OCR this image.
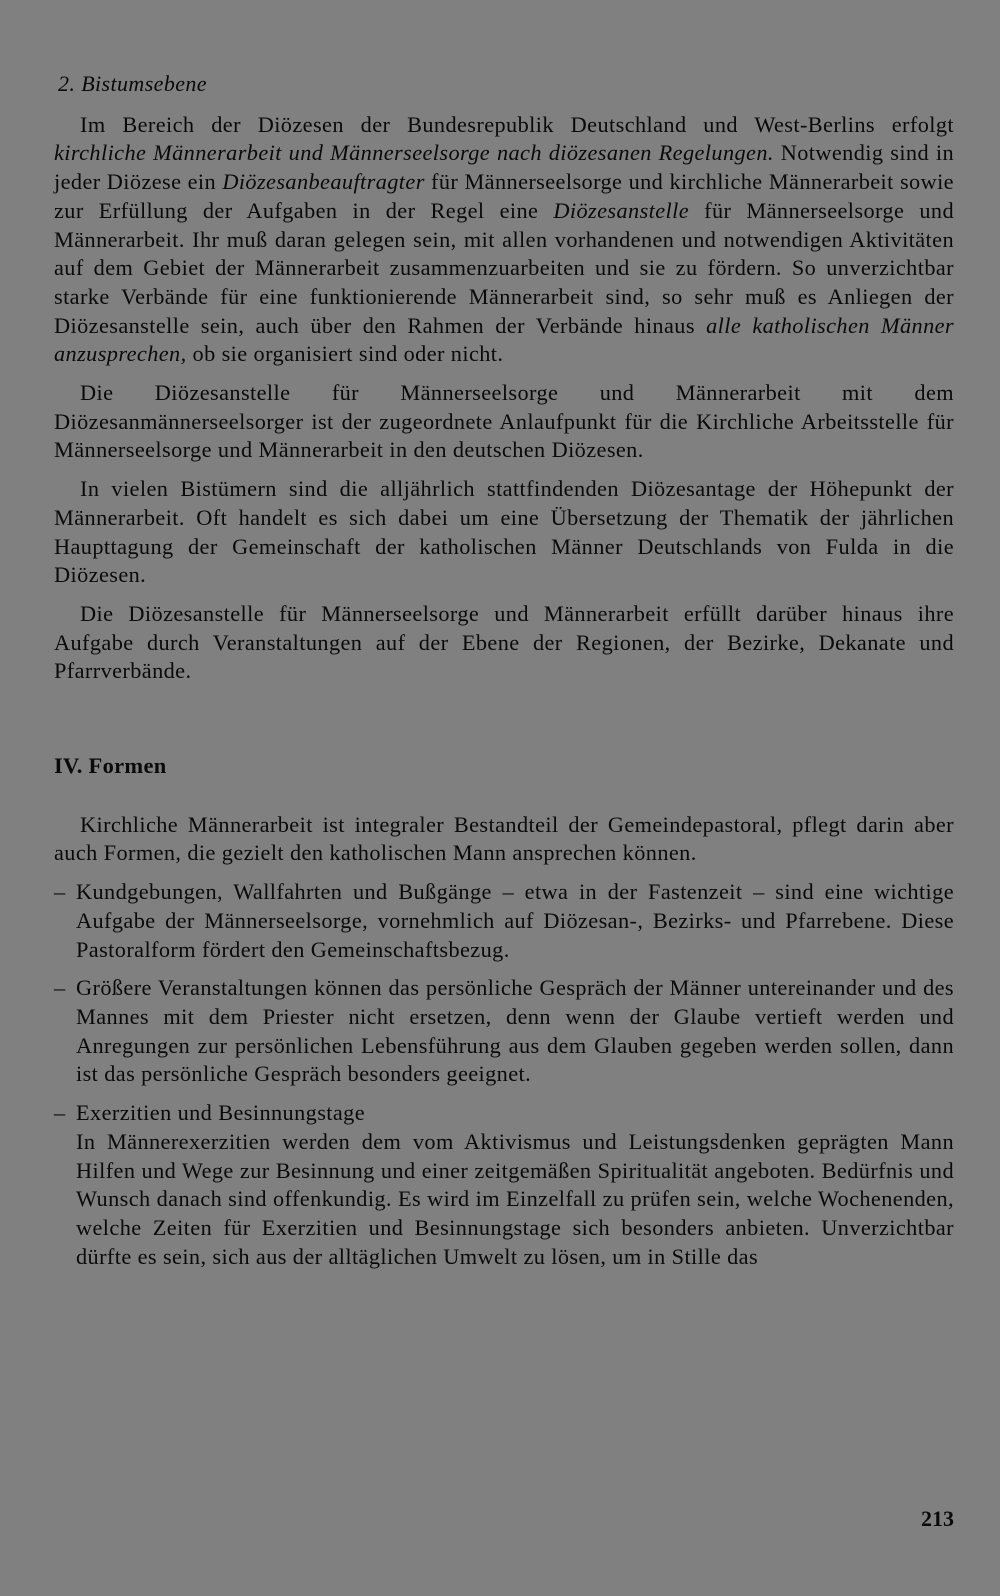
2. Bistumsebene

Im Bereich der Diözesen der Bundesrepublik Deutschland und West-Berlins erfolgt kirchliche Männerarbeit und Männerseelsorge nach diözesanen Regelungen. Notwendig sind in jeder Diözese ein Diözesanbeauftragter für Männerseelsorge und kirchliche Männerarbeit sowie zur Erfüllung der Aufgaben in der Regel eine Diözesanstelle für Männerseelsorge und Männerarbeit. Ihr muß daran gelegen sein, mit allen vorhandenen und notwendigen Aktivitäten auf dem Gebiet der Männerarbeit zusammenzuarbeiten und sie zu fördern. So unverzichtbar starke Verbände für eine funktionierende Männerarbeit sind, so sehr muß es Anliegen der Diözesanstelle sein, auch über den Rahmen der Verbände hinaus alle katholischen Männer anzusprechen, ob sie organisiert sind oder nicht.

Die Diözesanstelle für Männerseelsorge und Männerarbeit mit dem Diözesanmännerseelsorger ist der zugeordnete Anlaufpunkt für die Kirchliche Arbeitsstelle für Männerseelsorge und Männerarbeit in den deutschen Diözesen.

In vielen Bistümern sind die alljährlich stattfindenden Diözesantage der Höhepunkt der Männerarbeit. Oft handelt es sich dabei um eine Übersetzung der Thematik der jährlichen Haupttagung der Gemeinschaft der katholischen Männer Deutschlands von Fulda in die Diözesen.

Die Diözesanstelle für Männerseelsorge und Männerarbeit erfüllt darüber hinaus ihre Aufgabe durch Veranstaltungen auf der Ebene der Regionen, der Bezirke, Dekanate und Pfarrverbände.

IV. Formen

Kirchliche Männerarbeit ist integraler Bestandteil der Gemeindepastoral, pflegt darin aber auch Formen, die gezielt den katholischen Mann ansprechen können.

– Kundgebungen, Wallfahrten und Bußgänge – etwa in der Fastenzeit – sind eine wichtige Aufgabe der Männerseelsorge, vornehmlich auf Diözesan-, Bezirks- und Pfarrebene. Diese Pastoralform fördert den Gemeinschaftsbezug.
– Größere Veranstaltungen können das persönliche Gespräch der Männer untereinander und des Mannes mit dem Priester nicht ersetzen, denn wenn der Glaube vertieft werden und Anregungen zur persönlichen Lebensführung aus dem Glauben gegeben werden sollen, dann ist das persönliche Gespräch besonders geeignet.
– Exerzitien und Besinnungstage
In Männerexerzitien werden dem vom Aktivismus und Leistungsdenken geprägten Mann Hilfen und Wege zur Besinnung und einer zeitgemäßen Spiritualität angeboten. Bedürfnis und Wunsch danach sind offenkundig. Es wird im Einzelfall zu prüfen sein, welche Wochenenden, welche Zeiten für Exerzitien und Besinnungstage sich besonders anbieten. Unverzichtbar dürfte es sein, sich aus der alltäglichen Umwelt zu lösen, um in Stille das
213
